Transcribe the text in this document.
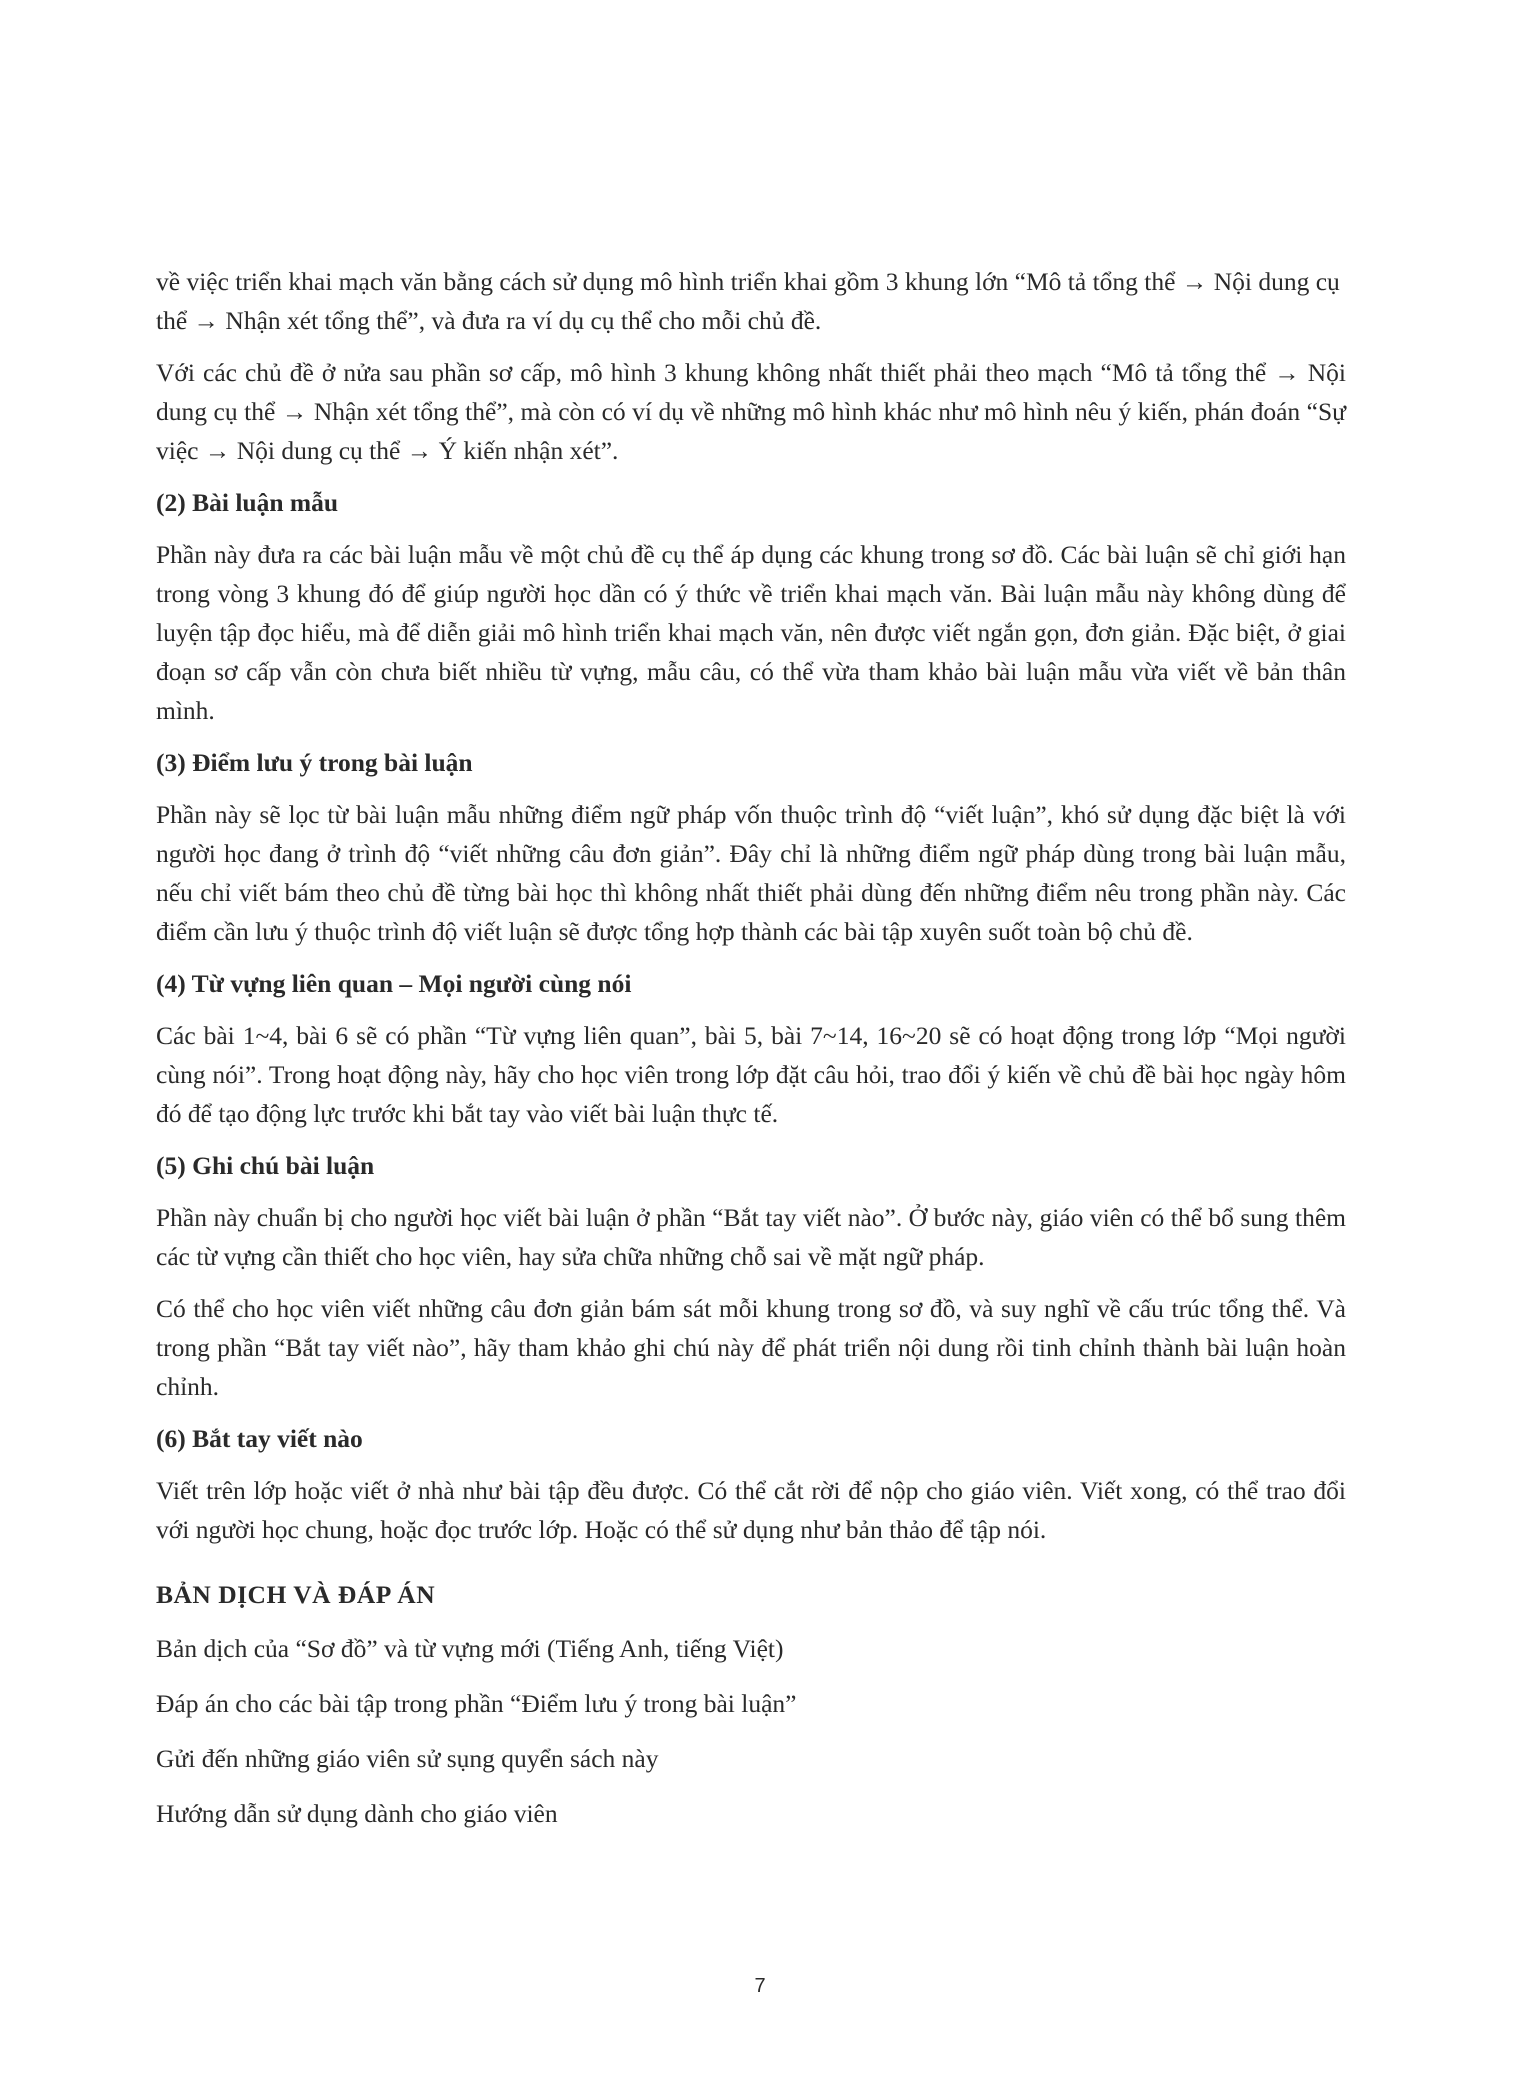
về việc triển khai mạch văn bằng cách sử dụng mô hình triển khai gồm 3 khung lớn “Mô tả tổng thể → Nội dung cụ thể → Nhận xét tổng thể”, và đưa ra ví dụ cụ thể cho mỗi chủ đề.

Với các chủ đề ở nửa sau phần sơ cấp, mô hình 3 khung không nhất thiết phải theo mạch “Mô tả tổng thể → Nội dung cụ thể → Nhận xét tổng thể”, mà còn có ví dụ về những mô hình khác như mô hình nêu ý kiến, phán đoán “Sự việc → Nội dung cụ thể → Ý kiến nhận xét”.

(2) Bài luận mẫu

Phần này đưa ra các bài luận mẫu về một chủ đề cụ thể áp dụng các khung trong sơ đồ. Các bài luận sẽ chỉ giới hạn trong vòng 3 khung đó để giúp người học dần có ý thức về triển khai mạch văn. Bài luận mẫu này không dùng để luyện tập đọc hiểu, mà để diễn giải mô hình triển khai mạch văn, nên được viết ngắn gọn, đơn giản. Đặc biệt, ở giai đoạn sơ cấp vẫn còn chưa biết nhiều từ vựng, mẫu câu, có thể vừa tham khảo bài luận mẫu vừa viết về bản thân mình.

(3) Điểm lưu ý trong bài luận

Phần này sẽ lọc từ bài luận mẫu những điểm ngữ pháp vốn thuộc trình độ “viết luận”, khó sử dụng đặc biệt là với người học đang ở trình độ “viết những câu đơn giản”. Đây chỉ là những điểm ngữ pháp dùng trong bài luận mẫu, nếu chỉ viết bám theo chủ đề từng bài học thì không nhất thiết phải dùng đến những điểm nêu trong phần này. Các điểm cần lưu ý thuộc trình độ viết luận sẽ được tổng hợp thành các bài tập xuyên suốt toàn bộ chủ đề.

(4) Từ vựng liên quan – Mọi người cùng nói

Các bài 1~4, bài 6 sẽ có phần “Từ vựng liên quan”, bài 5, bài 7~14, 16~20 sẽ có hoạt động trong lớp “Mọi người cùng nói”. Trong hoạt động này, hãy cho học viên trong lớp đặt câu hỏi, trao đổi ý kiến về chủ đề bài học ngày hôm đó để tạo động lực trước khi bắt tay vào viết bài luận thực tế.

(5) Ghi chú bài luận

Phần này chuẩn bị cho người học viết bài luận ở phần “Bắt tay viết nào”. Ở bước này, giáo viên có thể bổ sung thêm các từ vựng cần thiết cho học viên, hay sửa chữa những chỗ sai về mặt ngữ pháp.

Có thể cho học viên viết những câu đơn giản bám sát mỗi khung trong sơ đồ, và suy nghĩ về cấu trúc tổng thể. Và trong phần “Bắt tay viết nào”, hãy tham khảo ghi chú này để phát triển nội dung rồi tinh chỉnh thành bài luận hoàn chỉnh.

(6) Bắt tay viết nào

Viết trên lớp hoặc viết ở nhà như bài tập đều được. Có thể cắt rời để nộp cho giáo viên. Viết xong, có thể trao đổi với người học chung, hoặc đọc trước lớp. Hoặc có thể sử dụng như bản thảo để tập nói.

BẢN DỊCH VÀ ĐÁP ÁN
Bản dịch của “Sơ đồ” và từ vựng mới (Tiếng Anh, tiếng Việt)
Đáp án cho các bài tập trong phần “Điểm lưu ý trong bài luận”
Gửi đến những giáo viên sử sụng quyển sách này
Hướng dẫn sử dụng dành cho giáo viên
7
